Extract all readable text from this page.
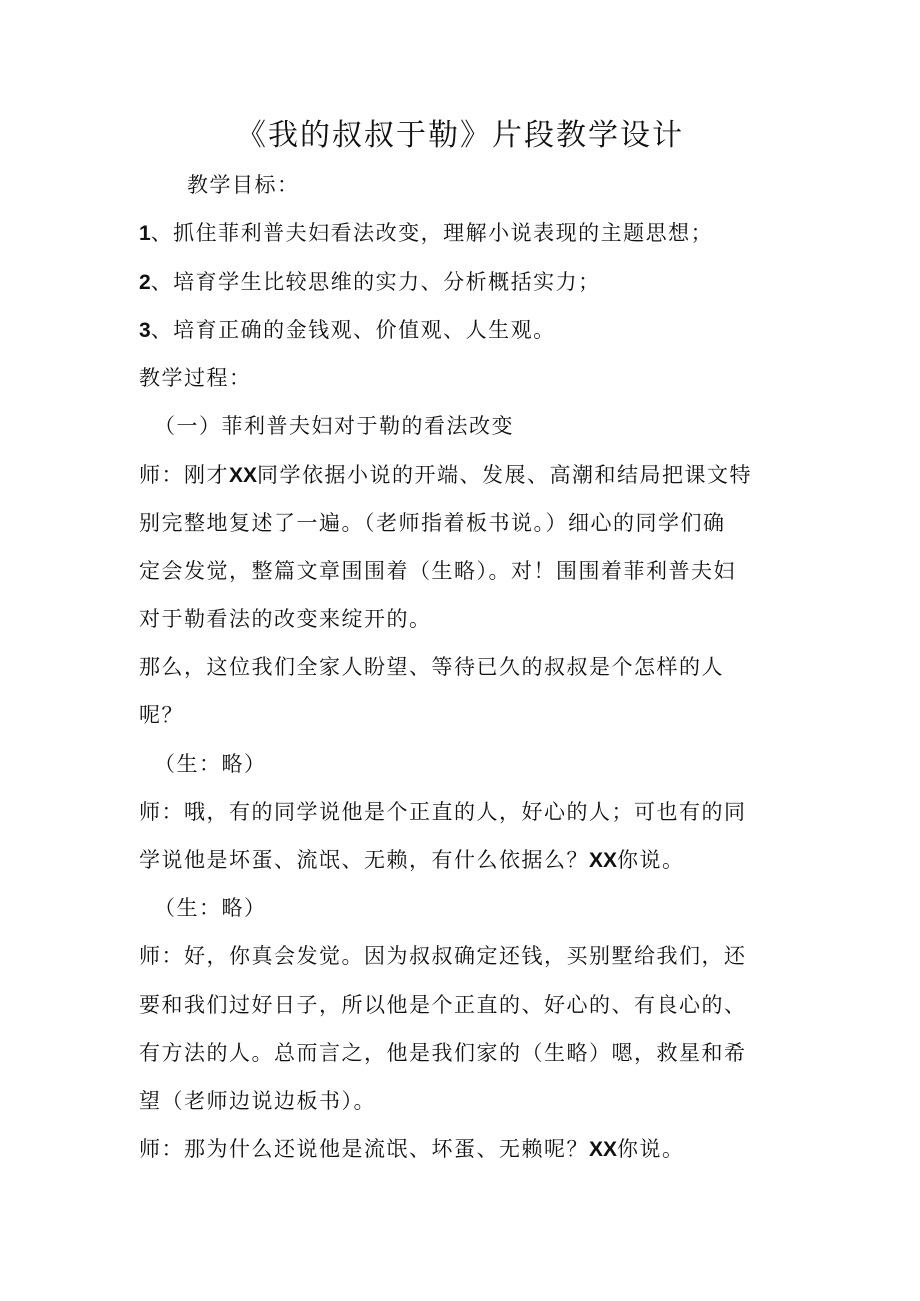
《我的叔叔于勒》片段教学设计
教学目标：
1、抓住菲利普夫妇看法改变，理解小说表现的主题思想；
2、培育学生比较思维的实力、分析概括实力；
3、培育正确的金钱观、价值观、人生观。
教学过程：
（一）菲利普夫妇对于勒的看法改变
师：刚才XX同学依据小说的开端、发展、高潮和结局把课文特
别完整地复述了一遍。（老师指着板书说。）细心的同学们确
定会发觉，整篇文章围围着（生略）。对！围围着菲利普夫妇
对于勒看法的改变来绽开的。
那么，这位我们全家人盼望、等待已久的叔叔是个怎样的人
呢？
（生：略）
师：哦，有的同学说他是个正直的人，好心的人；可也有的同
学说他是坏蛋、流氓、无赖，有什么依据么？XX你说。
（生：略）
师：好，你真会发觉。因为叔叔确定还钱，买别墅给我们，还
要和我们过好日子，所以他是个正直的、好心的、有良心的、
有方法的人。总而言之，他是我们家的（生略）嗯，救星和希
望（老师边说边板书）。
师：那为什么还说他是流氓、坏蛋、无赖呢？XX你说。
